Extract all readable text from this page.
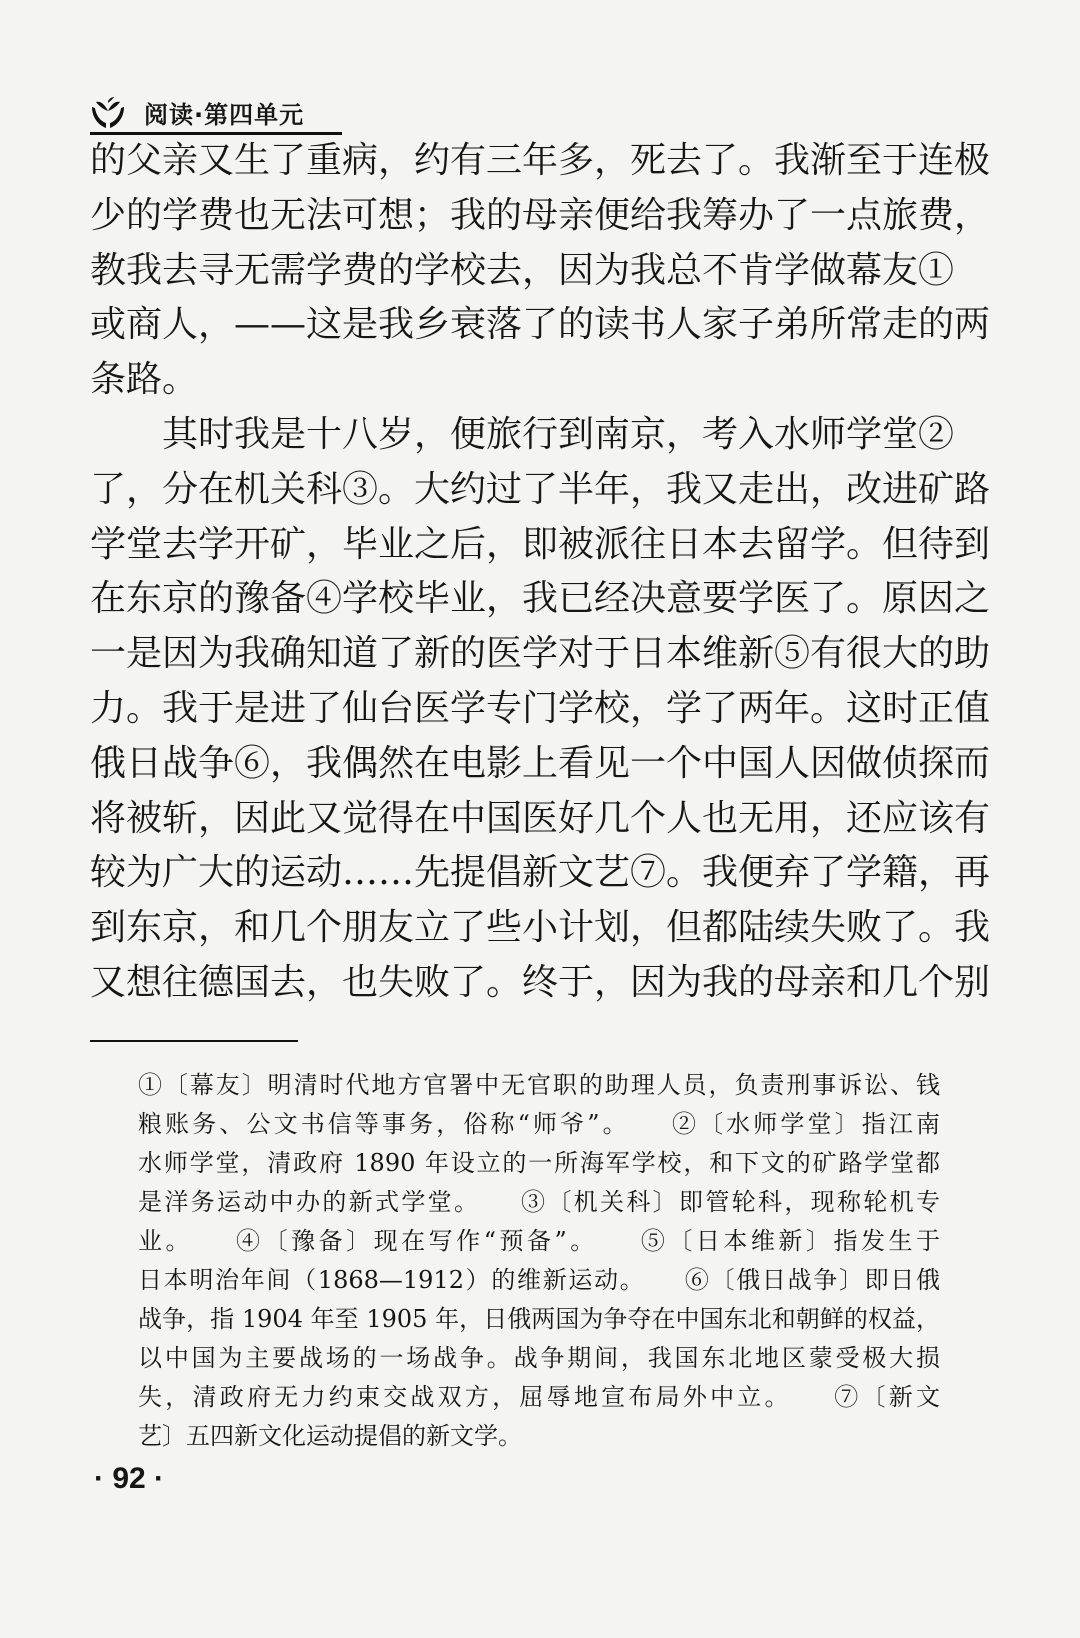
阅读·第四单元
的父亲又生了重病，约有三年多，死去了。我渐至于连极
少的学费也无法可想；我的母亲便给我筹办了一点旅费，
教我去寻无需学费的学校去，因为我总不肯学做幕友①
或商人，——这是我乡衰落了的读书人家子弟所常走的两
条路。
其时我是十八岁，便旅行到南京，考入水师学堂②
了，分在机关科③。大约过了半年，我又走出，改进矿路
学堂去学开矿，毕业之后，即被派往日本去留学。但待到
在东京的豫备④学校毕业，我已经决意要学医了。原因之
一是因为我确知道了新的医学对于日本维新⑤有很大的助
力。我于是进了仙台医学专门学校，学了两年。这时正值
俄日战争⑥，我偶然在电影上看见一个中国人因做侦探而
将被斩，因此又觉得在中国医好几个人也无用，还应该有
较为广大的运动……先提倡新文艺⑦。我便弃了学籍，再
到东京，和几个朋友立了些小计划，但都陆续失败了。我
又想往德国去，也失败了。终于，因为我的母亲和几个别
①〔幕友〕明清时代地方官署中无官职的助理人员，负责刑事诉讼、钱
粮账务、公文书信等事务，俗称“师爷”。　　②〔水师学堂〕指江南
水师学堂，清政府 1890 年设立的一所海军学校，和下文的矿路学堂都
是洋务运动中办的新式学堂。　　③〔机关科〕即管轮科，现称轮机专
业。　　④〔豫备〕现在写作“预备”。　　⑤〔日本维新〕指发生于
日本明治年间（1868—1912）的维新运动。　　⑥〔俄日战争〕即日俄
战争，指 1904 年至 1905 年，日俄两国为争夺在中国东北和朝鲜的权益，
以中国为主要战场的一场战争。战争期间，我国东北地区蒙受极大损
失，清政府无力约束交战双方，屈辱地宣布局外中立。　　⑦〔新文
艺〕五四新文化运动提倡的新文学。
· 92 ·
